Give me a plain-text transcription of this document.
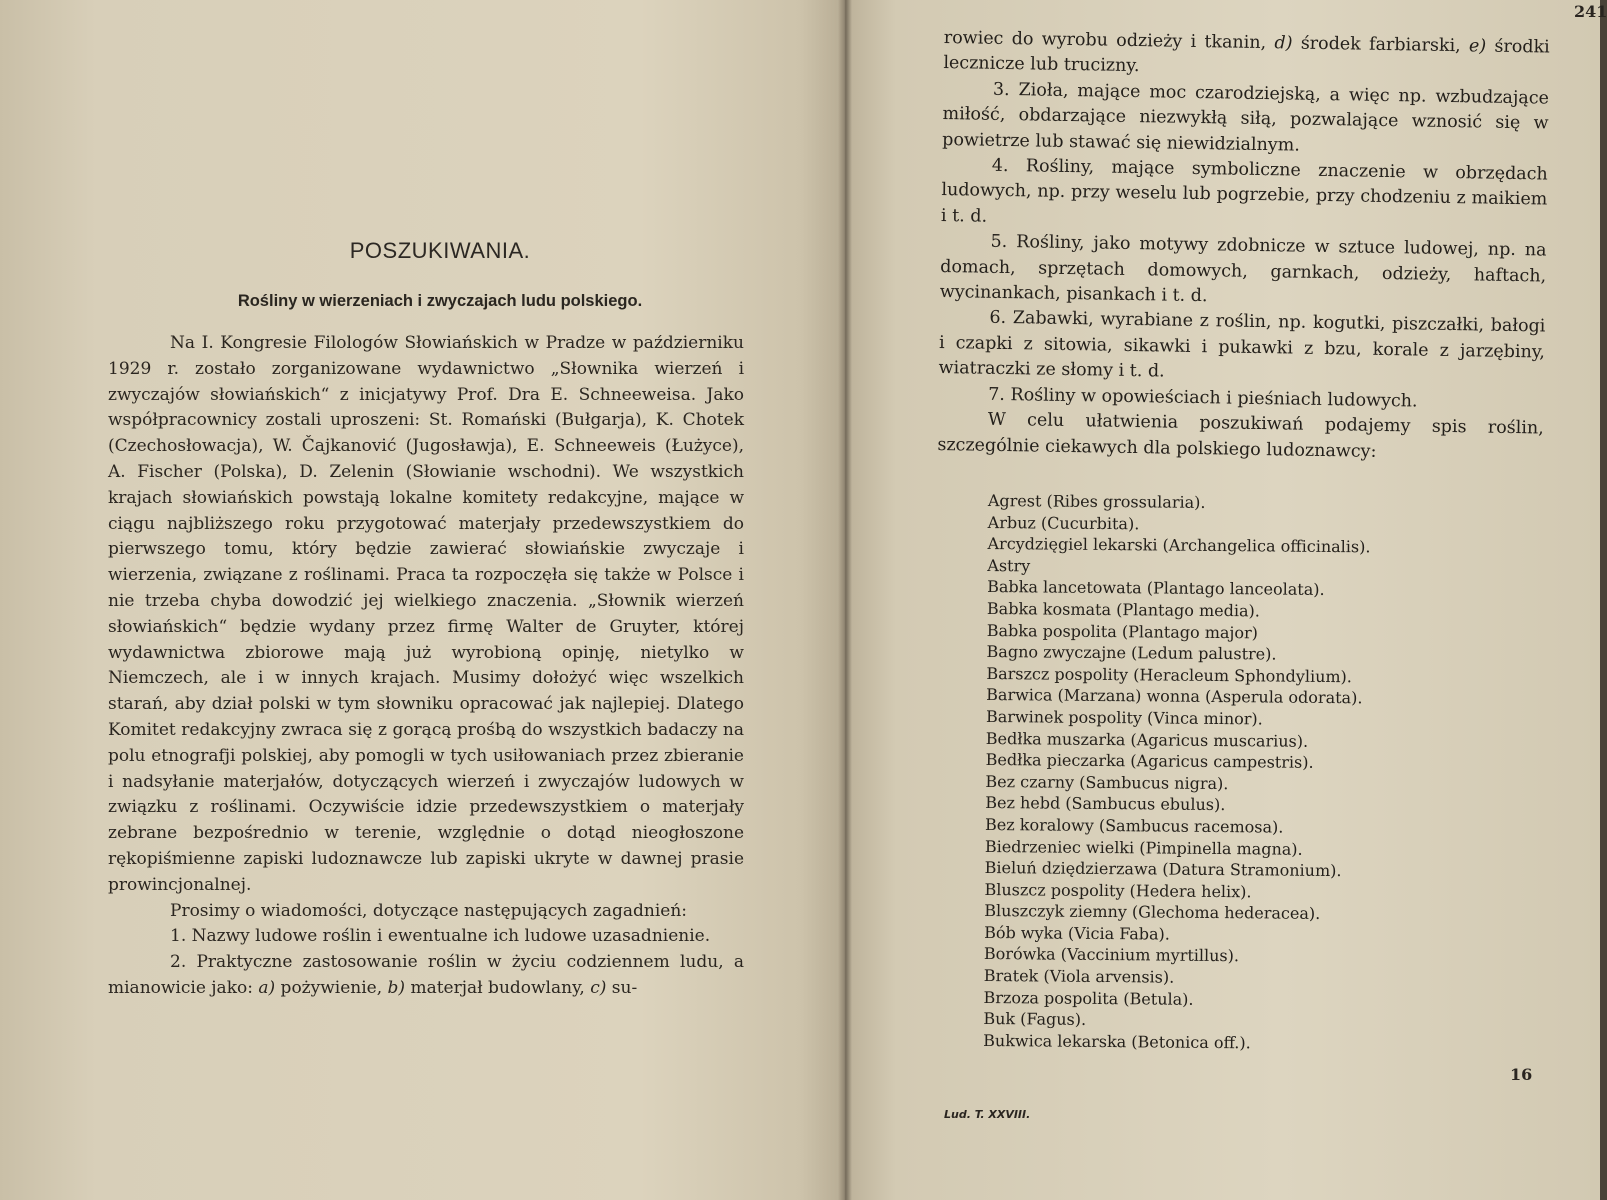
POSZUKIWANIA.
Rośliny w wierzeniach i zwyczajach ludu polskiego.

Na I. Kongresie Filologów Słowiańskich w Pradze w październiku 1929 r. zostało zorganizowane wydawnictwo „Słownika wierzeń i zwyczajów słowiańskich“ z inicjatywy Prof. Dra E. Schneeweisa. Jako współpracownicy zostali uproszeni: St. Romański (Bułgarja), K. Chotek (Czechosłowacja), W. Čajkanović (Jugosławja), E. Schneeweis (Łużyce), A. Fischer (Polska), D. Zelenin (Słowianie wschodni). We wszystkich krajach słowiańskich powstają lokalne komitety redakcyjne, mające w ciągu najbliższego roku przygotować materjały przedewszystkiem do pierwszego tomu, który będzie zawierać słowiańskie zwyczaje i wierzenia, związane z roślinami. Praca ta rozpoczęła się także w Polsce i nie trzeba chyba dowodzić jej wielkiego znaczenia. „Słownik wierzeń słowiańskich“ będzie wydany przez firmę Walter de Gruyter, której wydawnictwa zbiorowe mają już wyrobioną opinję, nietylko w Niemczech, ale i w innych krajach. Musimy dołożyć więc wszelkich starań, aby dział polski w tym słowniku opracować jak najlepiej. Dlatego Komitet redakcyjny zwraca się z gorącą prośbą do wszystkich badaczy na polu etnografji polskiej, aby pomogli w tych usiłowaniach przez zbieranie i nadsyłanie materjałów, dotyczących wierzeń i zwyczajów ludowych w związku z roślinami. Oczywiście idzie przedewszystkiem o materjały zebrane bezpośrednio w terenie, względnie o dotąd nieogłoszone rękopiśmienne zapiski ludoznawcze lub zapiski ukryte w dawnej prasie prowincjonalnej.

Prosimy o wiadomości, dotyczące następujących zagadnień:

1. Nazwy ludowe roślin i ewentualne ich ludowe uzasadnienie.

2. Praktyczne zastosowanie roślin w życiu codziennem ludu, a mianowicie jako: a) pożywienie, b) materjał budowlany, c) su-

241

rowiec do wyrobu odzieży i tkanin, d) środek farbiarski, e) środki lecznicze lub trucizny.

3. Zioła, mające moc czarodziejską, a więc np. wzbudzające miłość, obdarzające niezwykłą siłą, pozwalające wznosić się w powietrze lub stawać się niewidzialnym.

4. Rośliny, mające symboliczne znaczenie w obrzędach ludowych, np. przy weselu lub pogrzebie, przy chodzeniu z maikiem i t. d.

5. Rośliny, jako motywy zdobnicze w sztuce ludowej, np. na domach, sprzętach domowych, garnkach, odzieży, haftach, wycinankach, pisankach i t. d.

6. Zabawki, wyrabiane z roślin, np. kogutki, piszczałki, bałogi i czapki z sitowia, sikawki i pukawki z bzu, korale z jarzębiny, wiatraczki ze słomy i t. d.

7. Rośliny w opowieściach i pieśniach ludowych.

W celu ułatwienia poszukiwań podajemy spis roślin, szczególnie ciekawych dla polskiego ludoznawcy:

Agrest (Ribes grossularia).
Arbuz (Cucurbita).
Arcydzięgiel lekarski (Archangelica officinalis).
Astry
Babka lancetowata (Plantago lanceolata).
Babka kosmata (Plantago media).
Babka pospolita (Plantago major)
Bagno zwyczajne (Ledum palustre).
Barszcz pospolity (Heracleum Sphondylium).
Barwica (Marzana) wonna (Asperula odorata).
Barwinek pospolity (Vinca minor).
Bedłka muszarka (Agaricus muscarius).
Bedłka pieczarka (Agaricus campestris).
Bez czarny (Sambucus nigra).
Bez hebd (Sambucus ebulus).
Bez koralowy (Sambucus racemosa).
Biedrzeniec wielki (Pimpinella magna).
Bieluń dziędzierzawa (Datura Stramonium).
Bluszcz pospolity (Hedera helix).
Bluszczyk ziemny (Glechoma hederacea).
Bób wyka (Vicia Faba).
Borówka (Vaccinium myrtillus).
Bratek (Viola arvensis).
Brzoza pospolita (Betula).
Buk (Fagus).
Bukwica lekarska (Betonica off.).
16
Lud. T. XXVIII.
